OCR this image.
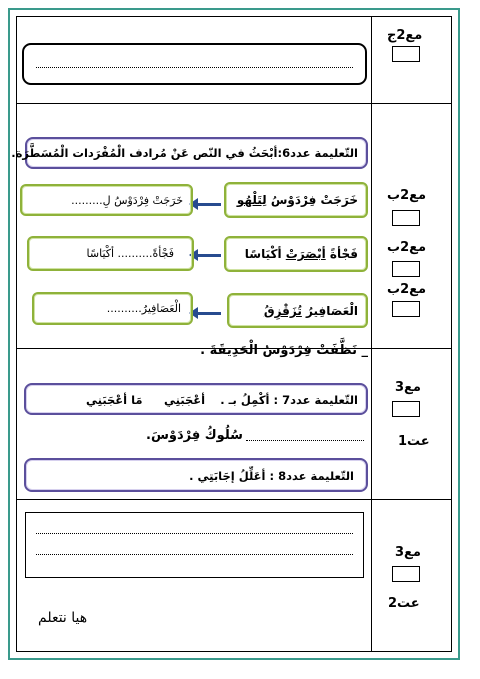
مع2ج
مع2ب
مع2ب
مع2ب
مع3
عت1
مع3
عت2
التّعليمة عدد6:أبْحَثُ في النّص عَنْ مُرادف الْمُفْرَدات الْمُسَطَّرَة.
خَرَجَتْ فِرْدَوْسُ لِتَلْهُو
خَرَجَتْ فِرْدَوْسُ لِ.........
فَجْأةً أبْصَرَتْ أكْيَاسًا
فَجْأةً.......... أكْيَاسًا
الْعَصَافِيرُ تُزَقْزِقُ
الْعَصَافِيرُ..........
_ نَظَّفَتْ فِرْدَوْسُ الْحَدِيقَةَ .
التّعليمة عدد7 : أكْمِلُ بـ .
أعْجَبَنِي
مَا أعْجَبَنِي
سُلُوكُ فِرْدَوْسَ.
التّعليمة عدد8 : أعَلِّلُ إجَابَتِي .
هيا نتعلم
